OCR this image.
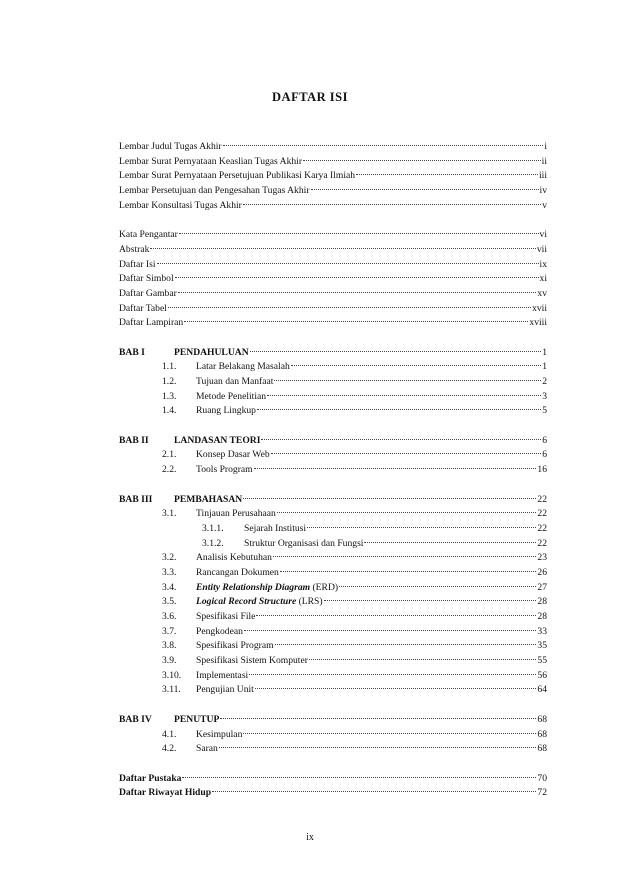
DAFTAR ISI
Lembar Judul Tugas Akhir	i
Lembar Surat Pernyataan Keaslian Tugas Akhir	ii
Lembar Surat Pernyataan Persetujuan Publikasi Karya Ilmiah	iii
Lembar Persetujuan dan Pengesahan Tugas Akhir	iv
Lembar Konsultasi Tugas Akhir	v
Kata Pengantar	vi
Abstrak	vii
Daftar Isi	ix
Daftar Simbol	xi
Daftar Gambar	xv
Daftar Tabel	xvii
Daftar Lampiran	xviii
BAB I	PENDAHULUAN	1
1.1.	Latar Belakang Masalah	1
1.2.	Tujuan dan Manfaat	2
1.3.	Metode Penelitian	3
1.4.	Ruang Lingkup	5
BAB II	LANDASAN TEORI	6
2.1.	Konsep Dasar Web	6
2.2.	Tools Program	16
BAB III	PEMBAHASAN	22
3.1.	Tinjauan Perusahaan	22
3.1.1.	Sejarah Institusi	22
3.1.2.	Struktur Organisasi dan Fungsi	22
3.2.	Analisis Kebutuhan	23
3.3.	Rancangan Dokumen	26
3.4.	Entity Relationship Diagram (ERD)	27
3.5.	Logical Record Structure (LRS)	28
3.6.	Spesifikasi File	28
3.7.	Pengkodean	33
3.8.	Spesifikasi Program	35
3.9.	Spesifikasi Sistem Komputer	55
3.10.	Implementasi	56
3.11.	Pengujian Unit	64
BAB IV	PENUTUP	68
4.1.	Kesimpulan	68
4.2.	Saran	68
Daftar Pustaka	70
Daftar Riwayat Hidup	72
ix
